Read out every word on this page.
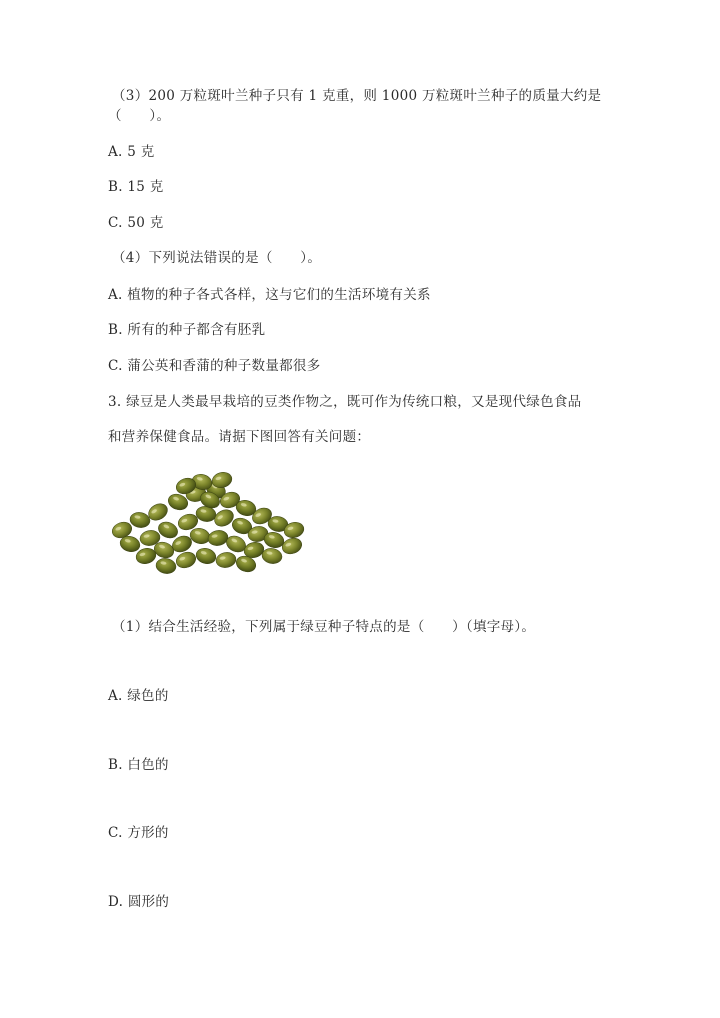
（3）200 万粒斑叶兰种子只有 1 克重，则 1000 万粒斑叶兰种子的质量大约是
（　　）。
A. 5 克
B. 15 克
C. 50 克
（4）下列说法错误的是（　　）。
A. 植物的种子各式各样，这与它们的生活环境有关系
B. 所有的种子都含有胚乳
C. 蒲公英和香蒲的种子数量都很多
3. 绿豆是人类最早栽培的豆类作物之，既可作为传统口粮，又是现代绿色食品
和营养保健食品。请据下图回答有关问题：
（1）结合生活经验，下列属于绿豆种子特点的是（　　）（填字母）。
A. 绿色的
B. 白色的
C. 方形的
D. 圆形的
